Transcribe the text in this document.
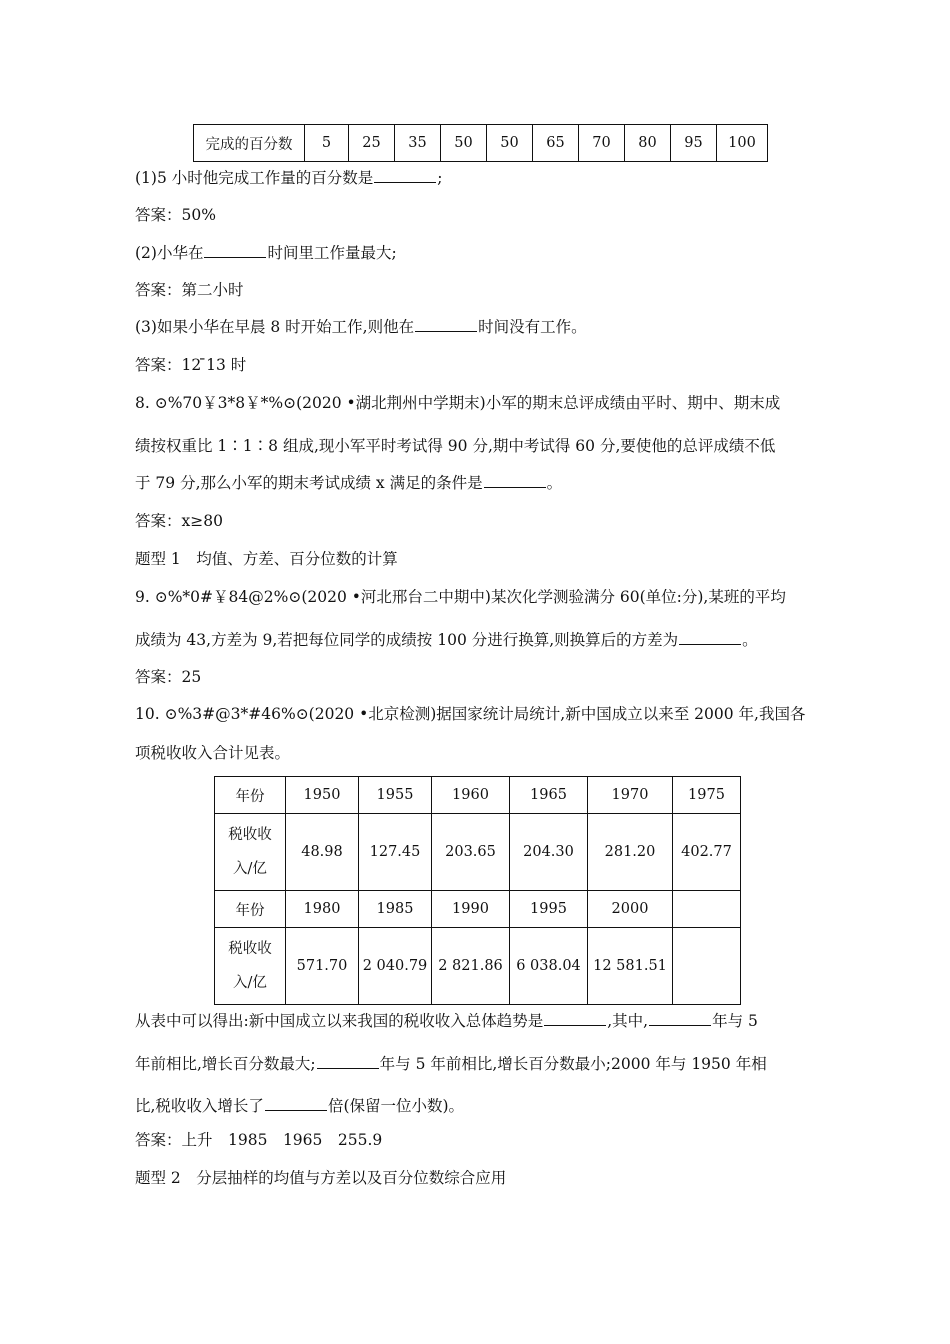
完成的百分数	5	25	35	50	50	65	70	80	95	100
(1)5 小时他完成工作量的百分数是	;
答案：50%
(2)小华在	时间里工作量最大;
答案：第二小时
(3)如果小华在早晨 8 时开始工作,则他在	时间没有工作。
答案：12 ̄13 时
8. ⊙%70￥3*8￥*%⊙(2020 •湖北荆州中学期末)小军的期末总评成绩由平时、期中、期末成
绩按权重比 1∶1∶8 组成,现小军平时考试得 90 分,期中考试得 60 分,要使他的总评成绩不低
于 79 分,那么小军的期末考试成绩 x 满足的条件是	。
答案：x≥80
题型 1　均值、方差、百分位数的计算
9. ⊙%*0#￥84@2%⊙(2020 •河北邢台二中期中)某次化学测验满分 60(单位:分),某班的平均
成绩为 43,方差为 9,若把每位同学的成绩按 100 分进行换算,则换算后的方差为	。
答案：25
10. ⊙%3#@3*#46%⊙(2020 •北京检测)据国家统计局统计,新中国成立以来至 2000 年,我国各
项税收收入合计见表。
年份	1950	1955	1960	1965	1970	1975
税收收
入/亿	48.98	127.45	203.65	204.30	281.20	402.77
年份	1980	1985	1990	1995	2000	
税收收
入/亿	571.70	2 040.79	2 821.86	6 038.04	12 581.51	
从表中可以得出:新中国成立以来我国的税收收入总体趋势是	,其中,	年与 5
年前相比,增长百分数最大;	年与 5 年前相比,增长百分数最小;2000 年与 1950 年相
比,税收收入增长了	倍(保留一位小数)。
答案：上升　1985　1965　255.9
题型 2　分层抽样的均值与方差以及百分位数综合应用
